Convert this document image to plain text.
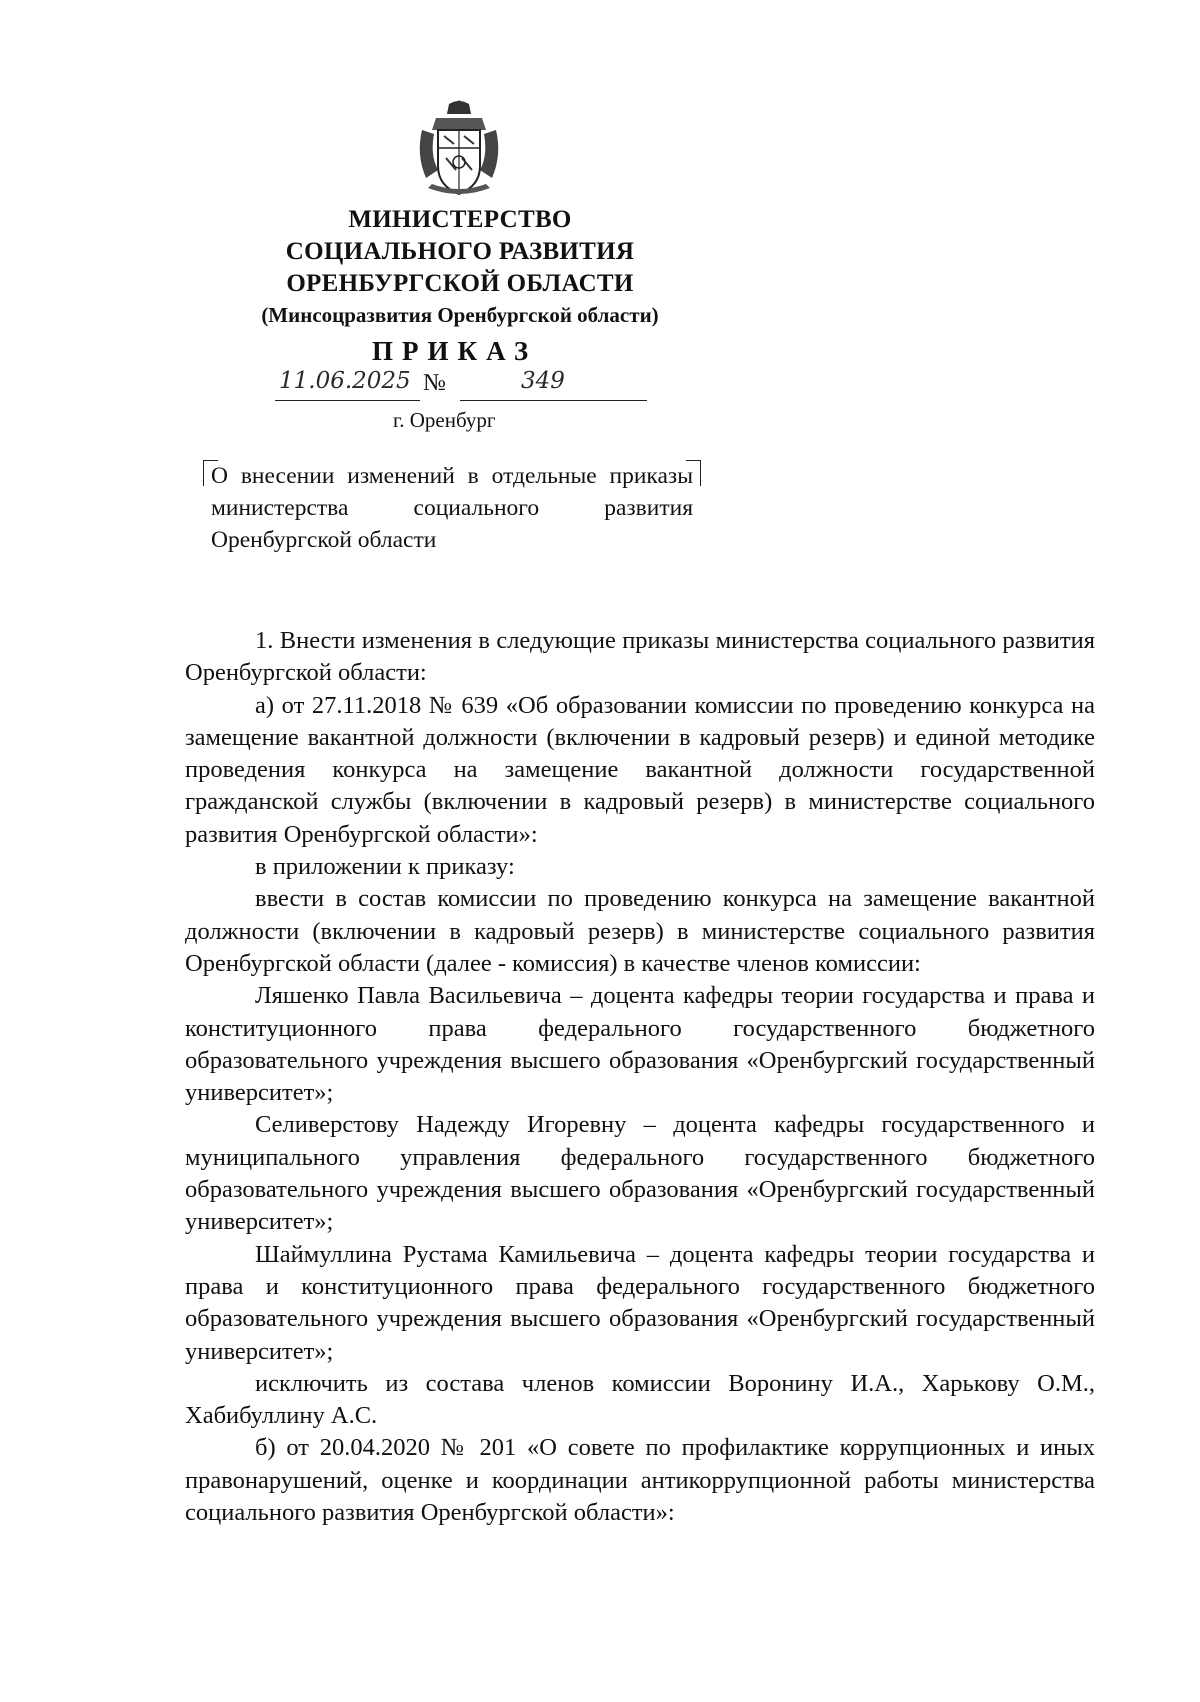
МИНИСТЕРСТВО
СОЦИАЛЬНОГО РАЗВИТИЯ
ОРЕНБУРГСКОЙ ОБЛАСТИ
(Минсоцразвития Оренбургской области)
ПРИКАЗ
11.06.2025 №	349
г. Оренбург
О внесении изменений в отдельные приказы министерства социального развития Оренбургской области

1. Внести изменения в следующие приказы министерства социального развития Оренбургской области:

а) от 27.11.2018 № 639 «Об образовании комиссии по проведению конкурса на замещение вакантной должности (включении в кадровый резерв) и единой методике проведения конкурса на замещение вакантной должности государственной гражданской службы (включении в кадровый резерв) в министерстве социального развития Оренбургской области»:

в приложении к приказу:

ввести в состав комиссии по проведению конкурса на замещение вакантной должности (включении в кадровый резерв) в министерстве социального развития Оренбургской области (далее - комиссия) в качестве членов комиссии:

Ляшенко Павла Васильевича – доцента кафедры теории государства и права и конституционного права федерального государственного бюджетного образовательного учреждения высшего образования «Оренбургский государственный университет»;

Селиверстову Надежду Игоревну – доцента кафедры государственного и муниципального управления федерального государственного бюджетного образовательного учреждения высшего образования «Оренбургский государственный университет»;

Шаймуллина Рустама Камильевича – доцента кафедры теории государства и права и конституционного права федерального государственного бюджетного образовательного учреждения высшего образования «Оренбургский государственный университет»;

исключить из состава членов комиссии Воронину И.А., Харькову О.М., Хабибуллину А.С.

б) от 20.04.2020 № 201 «О совете по профилактике коррупционных и иных правонарушений, оценке и координации антикоррупционной работы министерства социального развития Оренбургской области»:
